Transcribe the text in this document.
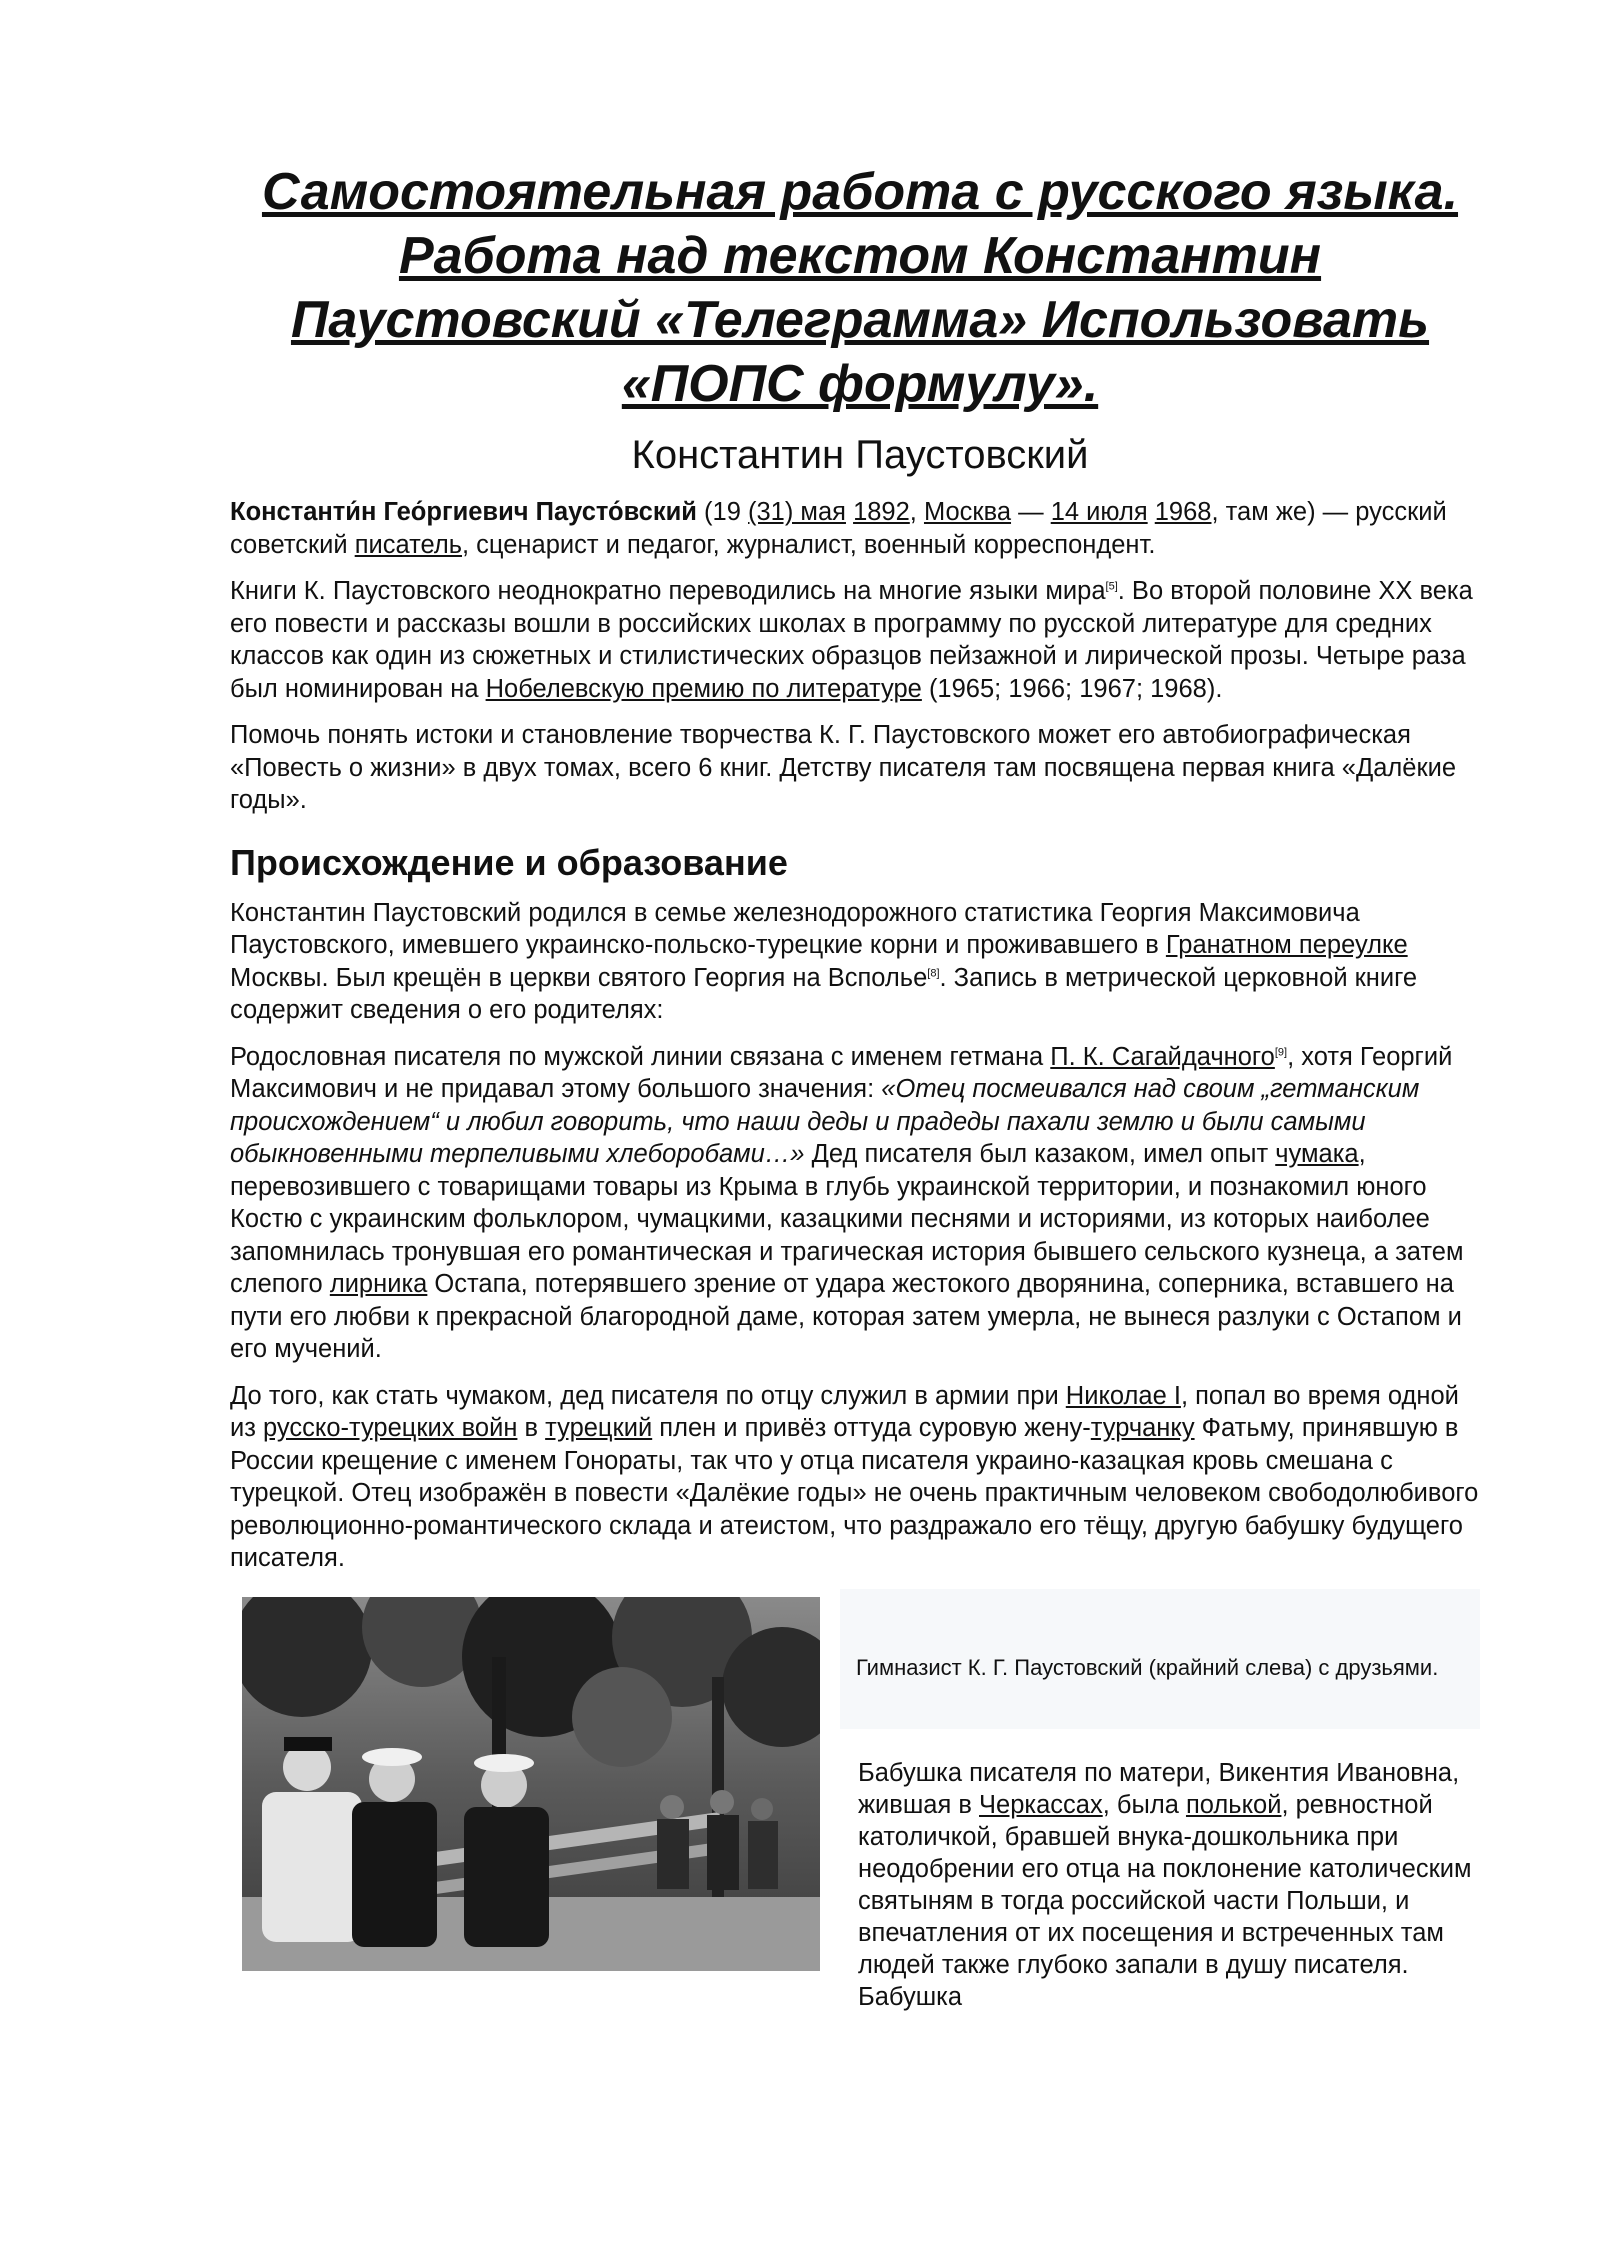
Самостоятельная работа с русского языка. Работа над текстом Константин Паустовский «Телеграмма» Использовать «ПОПС формулу».
Константин Паустовский

Константи́н Гео́ргиевич Паусто́вский (19 (31) мая 1892, Москва — 14 июля 1968, там же) — русский советский писатель, сценарист и педагог, журналист, военный корреспондент.

Книги К. Паустовского неоднократно переводились на многие языки мира[5]. Во второй половине XX века его повести и рассказы вошли в российских школах в программу по русской литературе для средних классов как один из сюжетных и стилистических образцов пейзажной и лирической прозы. Четыре раза был номинирован на Нобелевскую премию по литературе (1965; 1966; 1967; 1968).

Помочь понять истоки и становление творчества К. Г. Паустовского может его автобиографическая «Повесть о жизни» в двух томах, всего 6 книг. Детству писателя там посвящена первая книга «Далёкие годы».

Происхождение и образование

Константин Паустовский родился в семье железнодорожного статистика Георгия Максимовича Паустовского, имевшего украинско-польско-турецкие корни и проживавшего в Гранатном переулке Москвы. Был крещён в церкви святого Георгия на Всполье[8]. Запись в метрической церковной книге содержит сведения о его родителях:

Родословная писателя по мужской линии связана с именем гетмана П. К. Сагайдачного[9], хотя Георгий Максимович и не придавал этому большого значения: «Отец посмеивался над своим „гетманским происхождением“ и любил говорить, что наши деды и прадеды пахали землю и были самыми обыкновенными терпеливыми хлеборобами…» Дед писателя был казаком, имел опыт чумака, перевозившего с товарищами товары из Крыма в глубь украинской территории, и познакомил юного Костю с украинским фольклором, чумацкими, казацкими песнями и историями, из которых наиболее запомнилась тронувшая его романтическая и трагическая история бывшего сельского кузнеца, а затем слепого лирника Остапа, потерявшего зрение от удара жестокого дворянина, соперника, вставшего на пути его любви к прекрасной благородной даме, которая затем умерла, не вынеся разлуки с Остапом и его мучений.

До того, как стать чумаком, дед писателя по отцу служил в армии при Николае I, попал во время одной из русско-турецких войн в турецкий плен и привёз оттуда суровую жену-турчанку Фатьму, принявшую в России крещение с именем Гонораты, так что у отца писателя украино-казацкая кровь смешана с турецкой. Отец изображён в повести «Далёкие годы» не очень практичным человеком свободолюбивого революционно-романтического склада и атеистом, что раздражало его тёщу, другую бабушку будущего писателя.

Гимназист К. Г. Паустовский (крайний слева) с друзьями.

Бабушка писателя по матери, Викентия Ивановна, жившая в Черкассах, была полькой, ревностной католичкой, бравшей внука-дошкольника при неодобрении его отца на поклонение католическим святыням в тогда российской части Польши, и впечатления от их посещения и встреченных там людей также глубоко запали в душу писателя. Бабушка
